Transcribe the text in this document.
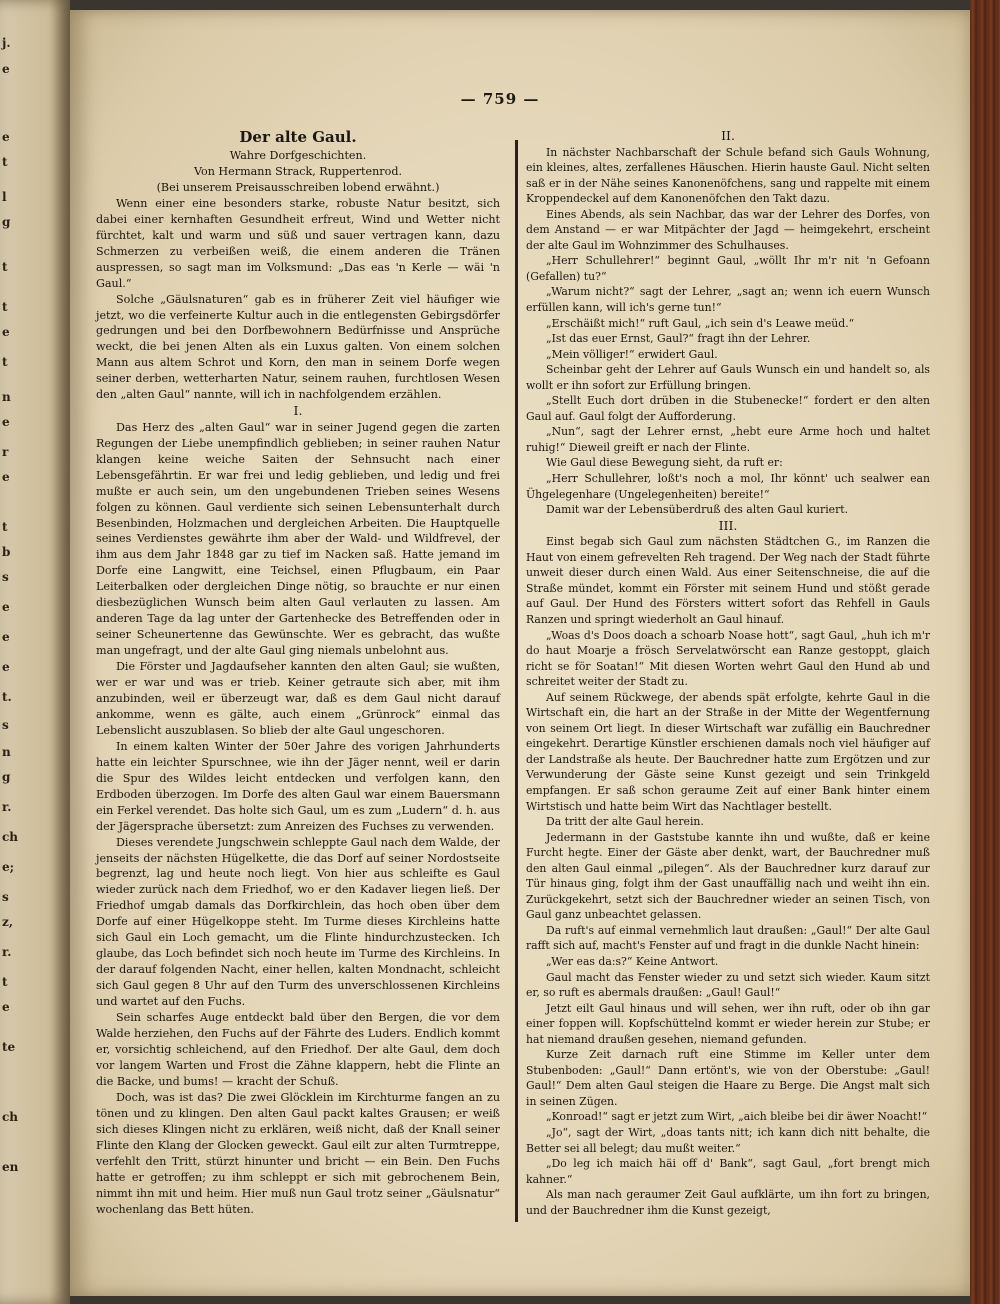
j.
e
e
t
l
g
t
t
e
t
n
e
r
e
t
b
s
e
e
e
t.
s
n
g
r.
ch
e;
s
z,
r.
t
e
te
ch
en
— 759 —
Der alte Gaul.
Wahre Dorfgeschichten.
Von Hermann Strack, Ruppertenrod.
(Bei unserem Preisausschreiben lobend erwähnt.)

Wenn einer eine besonders starke, robuste Natur besitzt, sich dabei einer kernhaften Gesundheit erfreut, Wind und Wetter nicht fürchtet, kalt und warm und süß und sauer vertragen kann, dazu Schmerzen zu verbeißen weiß, die einem anderen die Tränen auspressen, so sagt man im Volksmund: „Das eas 'n Kerle — wäi 'n Gaul.“

Solche „Gäulsnaturen“ gab es in früherer Zeit viel häufiger wie jetzt, wo die verfeinerte Kultur auch in die entlegensten Gebirgsdörfer gedrungen und bei den Dorfbewohnern Bedürfnisse und Ansprüche weckt, die bei jenen Alten als ein Luxus galten. Von einem solchen Mann aus altem Schrot und Korn, den man in seinem Dorfe wegen seiner derben, wetterharten Natur, seinem rauhen, furchtlosen Wesen den „alten Gaul“ nannte, will ich in nachfolgendem erzählen.

I.

Das Herz des „alten Gaul“ war in seiner Jugend gegen die zarten Regungen der Liebe unempfindlich geblieben; in seiner rauhen Natur klangen keine weiche Saiten der Sehnsucht nach einer Lebensgefährtin. Er war frei und ledig geblieben, und ledig und frei mußte er auch sein, um den ungebundenen Trieben seines Wesens folgen zu können. Gaul verdiente sich seinen Lebensunterhalt durch Besenbinden, Holzmachen und dergleichen Arbeiten. Die Hauptquelle seines Verdienstes gewährte ihm aber der Wald- und Wildfrevel, der ihm aus dem Jahr 1848 gar zu tief im Nacken saß. Hatte jemand im Dorfe eine Langwitt, eine Teichsel, einen Pflugbaum, ein Paar Leiterbalken oder dergleichen Dinge nötig, so brauchte er nur einen diesbezüglichen Wunsch beim alten Gaul verlauten zu lassen. Am anderen Tage da lag unter der Gartenhecke des Betreffenden oder in seiner Scheunertenne das Gewünschte. Wer es gebracht, das wußte man ungefragt, und der alte Gaul ging niemals unbelohnt aus.

Die Förster und Jagdaufseher kannten den alten Gaul; sie wußten, wer er war und was er trieb. Keiner getraute sich aber, mit ihm anzubinden, weil er überzeugt war, daß es dem Gaul nicht darauf ankomme, wenn es gälte, auch einem „Grünrock“ einmal das Lebenslicht auszublasen. So blieb der alte Gaul ungeschoren.

In einem kalten Winter der 50er Jahre des vorigen Jahrhunderts hatte ein leichter Spurschnee, wie ihn der Jäger nennt, weil er darin die Spur des Wildes leicht entdecken und verfolgen kann, den Erdboden überzogen. Im Dorfe des alten Gaul war einem Bauersmann ein Ferkel verendet. Das holte sich Gaul, um es zum „Ludern“ d. h. aus der Jägersprache übersetzt: zum Anreizen des Fuchses zu verwenden.

Dieses verendete Jungschwein schleppte Gaul nach dem Walde, der jenseits der nächsten Hügelkette, die das Dorf auf seiner Nordostseite begrenzt, lag und heute noch liegt. Von hier aus schleifte es Gaul wieder zurück nach dem Friedhof, wo er den Kadaver liegen ließ. Der Friedhof umgab damals das Dorfkirchlein, das hoch oben über dem Dorfe auf einer Hügelkoppe steht. Im Turme dieses Kirchleins hatte sich Gaul ein Loch gemacht, um die Flinte hindurchzustecken. Ich glaube, das Loch befindet sich noch heute im Turme des Kirchleins. In der darauf folgenden Nacht, einer hellen, kalten Mondnacht, schleicht sich Gaul gegen 8 Uhr auf den Turm des unverschlossenen Kirchleins und wartet auf den Fuchs.

Sein scharfes Auge entdeckt bald über den Bergen, die vor dem Walde herziehen, den Fuchs auf der Fährte des Luders. Endlich kommt er, vorsichtig schleichend, auf den Friedhof. Der alte Gaul, dem doch vor langem Warten und Frost die Zähne klappern, hebt die Flinte an die Backe, und bums! — kracht der Schuß.

Doch, was ist das? Die zwei Glöcklein im Kirchturme fangen an zu tönen und zu klingen. Den alten Gaul packt kaltes Grausen; er weiß sich dieses Klingen nicht zu erklären, weiß nicht, daß der Knall seiner Flinte den Klang der Glocken geweckt. Gaul eilt zur alten Turmtreppe, verfehlt den Tritt, stürzt hinunter und bricht — ein Bein. Den Fuchs hatte er getroffen; zu ihm schleppt er sich mit gebrochenem Bein, nimmt ihn mit und heim. Hier muß nun Gaul trotz seiner „Gäulsnatur“ wochenlang das Bett hüten.

II.

In nächster Nachbarschaft der Schule befand sich Gauls Wohnung, ein kleines, altes, zerfallenes Häuschen. Hierin hauste Gaul. Nicht selten saß er in der Nähe seines Kanonenöfchens, sang und rappelte mit einem Kroppendeckel auf dem Kanonenöfchen den Takt dazu.

Eines Abends, als sein Nachbar, das war der Lehrer des Dorfes, von dem Anstand — er war Mitpächter der Jagd — heimgekehrt, erscheint der alte Gaul im Wohnzimmer des Schulhauses.

„Herr Schullehrer!“ beginnt Gaul, „wöllt Ihr m'r nit 'n Gefoann (Gefallen) tu?“

„Warum nicht?“ sagt der Lehrer, „sagt an; wenn ich euern Wunsch erfüllen kann, will ich's gerne tun!“

„Erschäißt mich!“ ruft Gaul, „ich sein d's Leawe meüd.“

„Ist das euer Ernst, Gaul?“ fragt ihn der Lehrer.

„Mein völliger!“ erwidert Gaul.

Scheinbar geht der Lehrer auf Gauls Wunsch ein und handelt so, als wollt er ihn sofort zur Erfüllung bringen.

„Stellt Euch dort drüben in die Stubenecke!“ fordert er den alten Gaul auf. Gaul folgt der Aufforderung.

„Nun“, sagt der Lehrer ernst, „hebt eure Arme hoch und haltet ruhig!“ Dieweil greift er nach der Flinte.

Wie Gaul diese Bewegung sieht, da ruft er:

„Herr Schullehrer, loßt's noch a mol, Ihr könnt' uch sealwer ean Ühgelegenhare (Ungelegenheiten) bereite!“

Damit war der Lebensüberdruß des alten Gaul kuriert.

III.

Einst begab sich Gaul zum nächsten Städtchen G., im Ranzen die Haut von einem gefrevelten Reh tragend. Der Weg nach der Stadt führte unweit dieser durch einen Wald. Aus einer Seitenschneise, die auf die Straße mündet, kommt ein Förster mit seinem Hund und stößt gerade auf Gaul. Der Hund des Försters wittert sofort das Rehfell in Gauls Ranzen und springt wiederholt an Gaul hinauf.

„Woas d's Doos doach a schoarb Noase hott“, sagt Gaul, „huh ich m'r do haut Moarje a frösch Servelatwörscht ean Ranze gestoppt, glaich richt se för Soatan!“ Mit diesen Worten wehrt Gaul den Hund ab und schreitet weiter der Stadt zu.

Auf seinem Rückwege, der abends spät erfolgte, kehrte Gaul in die Wirtschaft ein, die hart an der Straße in der Mitte der Wegentfernung von seinem Ort liegt. In dieser Wirtschaft war zufällig ein Bauchredner eingekehrt. Derartige Künstler erschienen damals noch viel häufiger auf der Landstraße als heute. Der Bauchredner hatte zum Ergötzen und zur Verwunderung der Gäste seine Kunst gezeigt und sein Trinkgeld empfangen. Er saß schon geraume Zeit auf einer Bank hinter einem Wirtstisch und hatte beim Wirt das Nachtlager bestellt.

Da tritt der alte Gaul herein.

Jedermann in der Gaststube kannte ihn und wußte, daß er keine Furcht hegte. Einer der Gäste aber denkt, wart, der Bauchredner muß den alten Gaul einmal „pilegen“. Als der Bauchredner kurz darauf zur Tür hinaus ging, folgt ihm der Gast unauffällig nach und weiht ihn ein. Zurückgekehrt, setzt sich der Bauchredner wieder an seinen Tisch, von Gaul ganz unbeachtet gelassen.

Da ruft's auf einmal vernehmlich laut draußen: „Gaul!“ Der alte Gaul rafft sich auf, macht's Fenster auf und fragt in die dunkle Nacht hinein:

„Wer eas da:s?“ Keine Antwort.

Gaul macht das Fenster wieder zu und setzt sich wieder. Kaum sitzt er, so ruft es abermals draußen: „Gaul! Gaul!“

Jetzt eilt Gaul hinaus und will sehen, wer ihn ruft, oder ob ihn gar einer foppen will. Kopfschüttelnd kommt er wieder herein zur Stube; er hat niemand draußen gesehen, niemand gefunden.

Kurze Zeit darnach ruft eine Stimme im Keller unter dem Stubenboden: „Gaul!“ Dann ertönt's, wie von der Oberstube: „Gaul! Gaul!“ Dem alten Gaul steigen die Haare zu Berge. Die Angst malt sich in seinen Zügen.

„Konroad!“ sagt er jetzt zum Wirt, „aich bleibe bei dir äwer Noacht!“

„Jo“, sagt der Wirt, „doas tants nitt; ich kann dich nitt behalte, die Better sei all belegt; dau mußt weiter.“

„Do leg ich maich häi off d' Bank“, sagt Gaul, „fort brengt mich kahner.“

Als man nach geraumer Zeit Gaul aufklärte, um ihn fort zu bringen, und der Bauchredner ihm die Kunst gezeigt,
